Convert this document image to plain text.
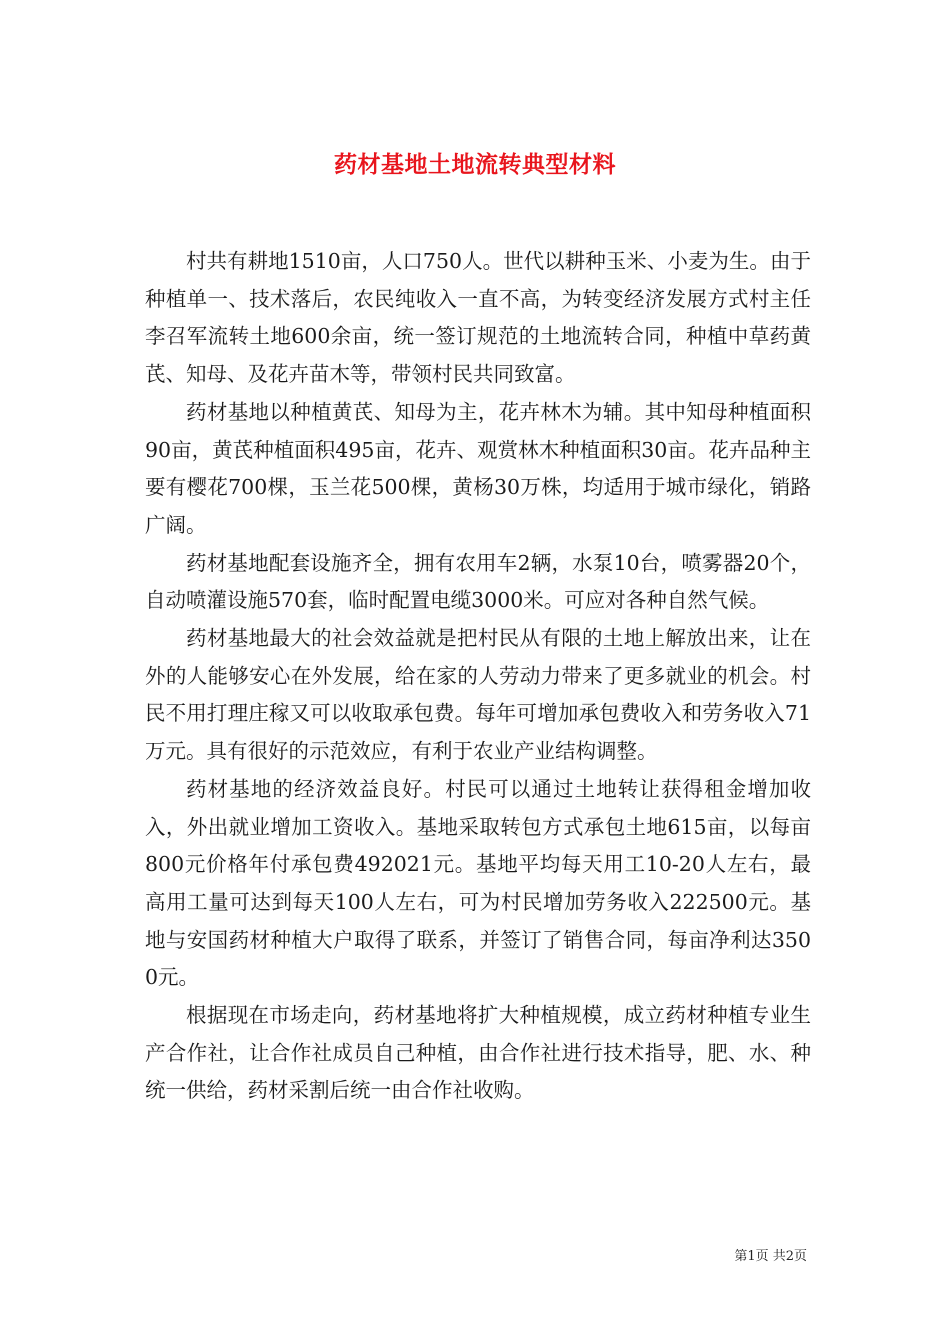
药材基地土地流转典型材料

村共有耕地1510亩，人口750人。世代以耕种玉米、小麦为生。由于种植单一、技术落后，农民纯收入一直不高，为转变经济发展方式村主任李召军流转土地600余亩，统一签订规范的土地流转合同，种植中草药黄芪、知母、及花卉苗木等，带领村民共同致富。

药材基地以种植黄芪、知母为主，花卉林木为辅。其中知母种植面积90亩，黄芪种植面积495亩，花卉、观赏林木种植面积30亩。花卉品种主要有樱花700棵，玉兰花500棵，黄杨30万株，均适用于城市绿化，销路广阔。

药材基地配套设施齐全，拥有农用车2辆，水泵10台，喷雾器20个，自动喷灌设施570套，临时配置电缆3000米。可应对各种自然气候。

药材基地最大的社会效益就是把村民从有限的土地上解放出来，让在外的人能够安心在外发展，给在家的人劳动力带来了更多就业的机会。村民不用打理庄稼又可以收取承包费。每年可增加承包费收入和劳务收入71万元。具有很好的示范效应，有利于农业产业结构调整。

药材基地的经济效益良好。村民可以通过土地转让获得租金增加收入，外出就业增加工资收入。基地采取转包方式承包土地615亩，以每亩800元价格年付承包费492021元。基地平均每天用工10-20人左右，最高用工量可达到每天100人左右，可为村民增加劳务收入222500元。基地与安国药材种植大户取得了联系，并签订了销售合同，每亩净利达3500元。

根据现在市场走向，药材基地将扩大种植规模，成立药材种植专业生产合作社，让合作社成员自己种植，由合作社进行技术指导，肥、水、种统一供给，药材采割后统一由合作社收购。

第1页 共2页
